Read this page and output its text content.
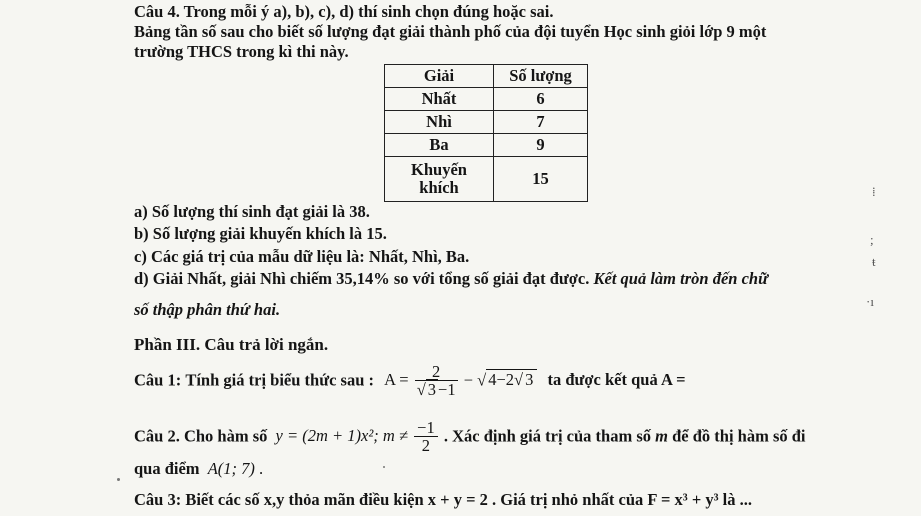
Câu 4. Trong mỗi ý a), b), c), d) thí sinh chọn đúng hoặc sai.
Bảng tần số sau cho biết số lượng đạt giải thành phố của đội tuyển Học sinh giỏi lớp 9 một
trường THCS trong kì thi này.
Giải	Số lượng
Nhất	6
Nhì	7
Ba	9

Khuyến
khích	15
a) Số lượng thí sinh đạt giải là 38.
b) Số lượng giải khuyến khích là 15.
c) Các giá trị của mẫu dữ liệu là: Nhất, Nhì, Ba.
d) Giải Nhất, giải Nhì chiếm 35,14% so với tổng số giải đạt được. Kết quả làm tròn đến chữ
số thập phân thứ hai.
⁞
;
ŧ
·ı
Phần III. Câu trả lời ngắn.
Câu 1: Tính giá trị biểu thức sau : $A = \frac{2}{√ 3 -1}$ − √ 4−2√ 3 ta được kết quả A =
Câu 2. Cho hàm số y = (2m + 1)x²; $m \ne \frac{-1}{2}$ . Xác định giá trị của tham số m để đồ thị hàm số đi
qua điểm A(1; 7) .
Câu 3: Biết các số x,y thỏa mãn điều kiện x + y = 2 . Giá trị nhỏ nhất của F = x³ + y³ là ...
